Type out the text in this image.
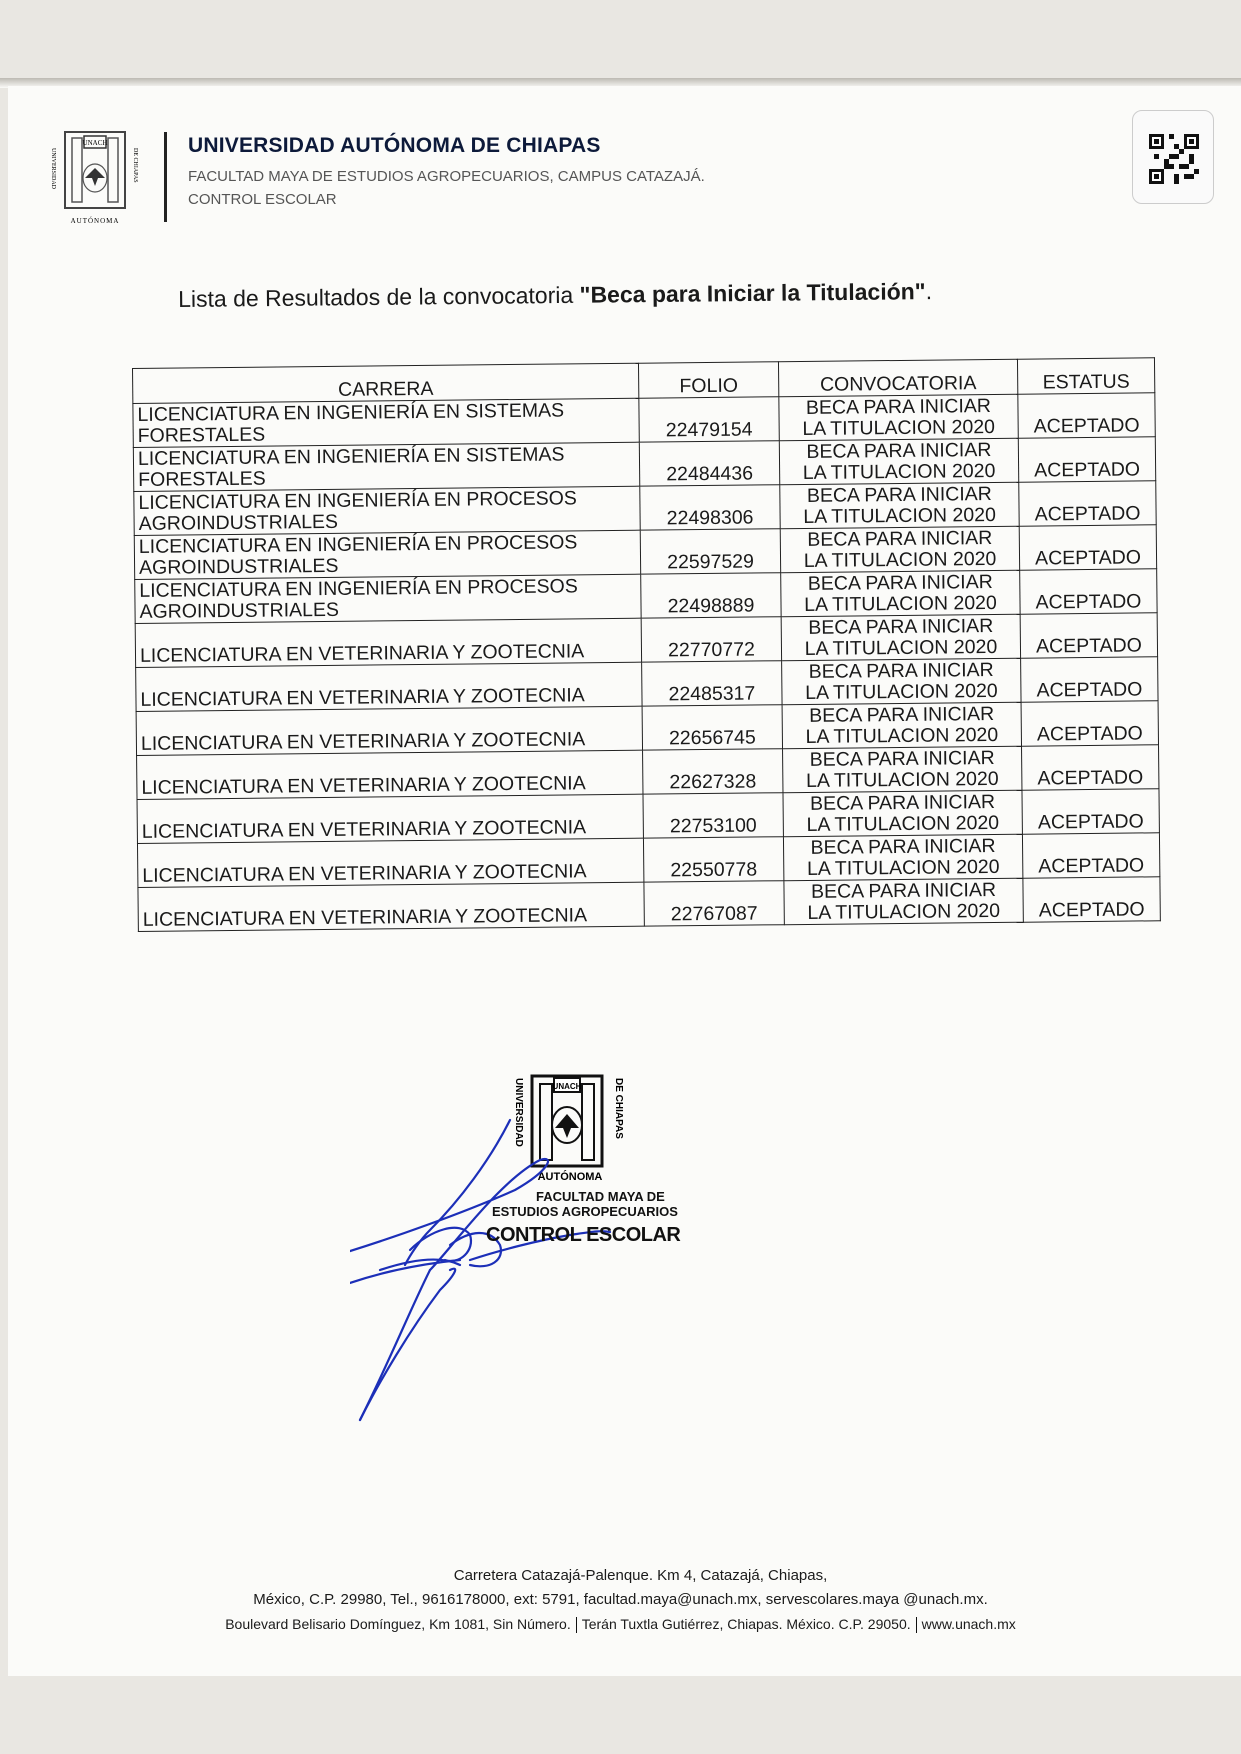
UNACH
UNIVERSIDAD	DE CHIAPAS
AUTÓNOMA
UNIVERSIDAD AUTÓNOMA DE CHIAPAS
FACULTAD MAYA DE ESTUDIOS AGROPECUARIOS, CAMPUS CATAZAJÁ.
CONTROL ESCOLAR
Lista de Resultados de la convocatoria "Beca para Iniciar la Titulación".
CARRERA	FOLIO	CONVOCATORIA	ESTATUS

LICENCIATURA EN INGENIERÍA EN SISTEMAS
FORESTALES	22479154	BECA PARA INICIAR
LA TITULACION 2020	ACEPTADO

LICENCIATURA EN INGENIERÍA EN SISTEMAS
FORESTALES	22484436	BECA PARA INICIAR
LA TITULACION 2020	ACEPTADO

LICENCIATURA EN INGENIERÍA EN PROCESOS
AGROINDUSTRIALES	22498306	BECA PARA INICIAR
LA TITULACION 2020	ACEPTADO

LICENCIATURA EN INGENIERÍA EN PROCESOS
AGROINDUSTRIALES	22597529	BECA PARA INICIAR
LA TITULACION 2020	ACEPTADO

LICENCIATURA EN INGENIERÍA EN PROCESOS
AGROINDUSTRIALES	22498889	BECA PARA INICIAR
LA TITULACION 2020	ACEPTADO

LICENCIATURA EN VETERINARIA Y ZOOTECNIA	22770772	BECA PARA INICIAR
LA TITULACION 2020	ACEPTADO

LICENCIATURA EN VETERINARIA Y ZOOTECNIA	22485317	BECA PARA INICIAR
LA TITULACION 2020	ACEPTADO

LICENCIATURA EN VETERINARIA Y ZOOTECNIA	22656745	BECA PARA INICIAR
LA TITULACION 2020	ACEPTADO

LICENCIATURA EN VETERINARIA Y ZOOTECNIA	22627328	BECA PARA INICIAR
LA TITULACION 2020	ACEPTADO

LICENCIATURA EN VETERINARIA Y ZOOTECNIA	22753100	BECA PARA INICIAR
LA TITULACION 2020	ACEPTADO

LICENCIATURA EN VETERINARIA Y ZOOTECNIA	22550778	BECA PARA INICIAR
LA TITULACION 2020	ACEPTADO

LICENCIATURA EN VETERINARIA Y ZOOTECNIA	22767087	BECA PARA INICIAR
LA TITULACION 2020	ACEPTADO
UNACH
UNIVERSIDAD	DE CHIAPAS
AUTÓNOMA
FACULTAD MAYA DE
ESTUDIOS AGROPECUARIOS
CONTROL ESCOLAR
Carretera Catazajá-Palenque. Km 4, Catazajá, Chiapas,
México, C.P. 29980, Tel., 9616178000, ext: 5791, facultad.maya@unach.mx, servescolares.maya @unach.mx.
Boulevard Belisario Domínguez, Km 1081, Sin Número. Terán Tuxtla Gutiérrez, Chiapas. México. C.P. 29050. www.unach.mx
